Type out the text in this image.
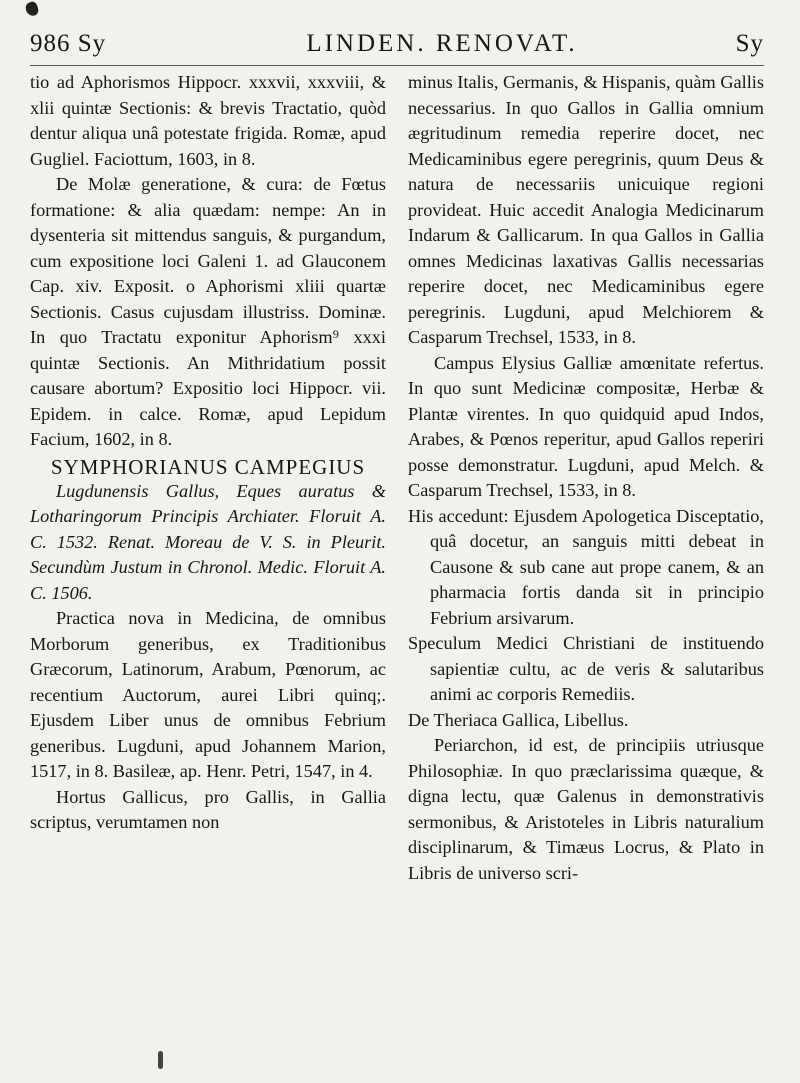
986 Sy	LINDEN. RENOVAT.	Sy

tio ad Aphorismos Hippocr. xxxvii, xxxviii, & xlii quintæ Sectionis: & brevis Tractatio, quòd dentur aliqua unâ potestate frigida. Romæ, apud Gugliel. Faciottum, 1603, in 8.

De Molæ generatione, & cura: de Fœtus formatione: & alia quædam: nempe: An in dysenteria sit mittendus sanguis, & purgandum, cum expositione loci Galeni 1. ad Glauconem Cap. xiv. Exposit. o Aphorismi xliii quartæ Sectionis. Casus cujusdam illustriss. Dominæ. In quo Tractatu exponitur Aphorism⁹ xxxi quintæ Sectionis. An Mithridatium possit causare abortum? Expositio loci Hippocr. vii. Epidem. in calce. Romæ, apud Lepidum Facium, 1602, in 8.

SYMPHORIANUS CAMPEGIUS

Lugdunensis Gallus, Eques auratus & Lotharingorum Principis Archiater. Floruit A. C. 1532. Renat. Moreau de V. S. in Pleurit. Secundùm Justum in Chronol. Medic. Floruit A. C. 1506.

Practica nova in Medicina, de omnibus Morborum generibus, ex Traditionibus Græcorum, Latinorum, Arabum, Pœnorum, ac recentium Auctorum, aurei Libri quinq;. Ejusdem Liber unus de omnibus Febrium generibus. Lugduni, apud Johannem Marion, 1517, in 8. Basileæ, ap. Henr. Petri, 1547, in 4.

Hortus Gallicus, pro Gallis, in Gallia scriptus, verumtamen non

minus Italis, Germanis, & Hispanis, quàm Gallis necessarius. In quo Gallos in Gallia omnium ægritudinum remedia reperire docet, nec Medicaminibus egere peregrinis, quum Deus & natura de necessariis unicuique regioni provideat. Huic accedit Analogia Medicinarum Indarum & Gallicarum. In qua Gallos in Gallia omnes Medicinas laxativas Gallis necessarias reperire docet, nec Medicaminibus egere peregrinis. Lugduni, apud Melchiorem & Casparum Trechsel, 1533, in 8.

Campus Elysius Galliæ amœnitate refertus. In quo sunt Medicinæ compositæ, Herbæ & Plantæ virentes. In quo quidquid apud Indos, Arabes, & Pœnos reperitur, apud Gallos reperiri posse demonstratur. Lugduni, apud Melch. & Casparum Trechsel, 1533, in 8.

His accedunt: Ejusdem Apologetica Disceptatio, quâ docetur, an sanguis mitti debeat in Causone & sub cane aut prope canem, & an pharmacia fortis danda sit in principio Febrium arsivarum.

Speculum Medici Christiani de instituendo sapientiæ cultu, ac de veris & salutaribus animi ac corporis Remediis.

De Theriaca Gallica, Libellus.

Periarchon, id est, de principiis utriusque Philosophiæ. In quo præclarissima quæque, & digna lectu, quæ Galenus in demonstrativis sermonibus, & Aristoteles in Libris naturalium disciplinarum, & Timæus Locrus, & Plato in Libris de universo scri-
